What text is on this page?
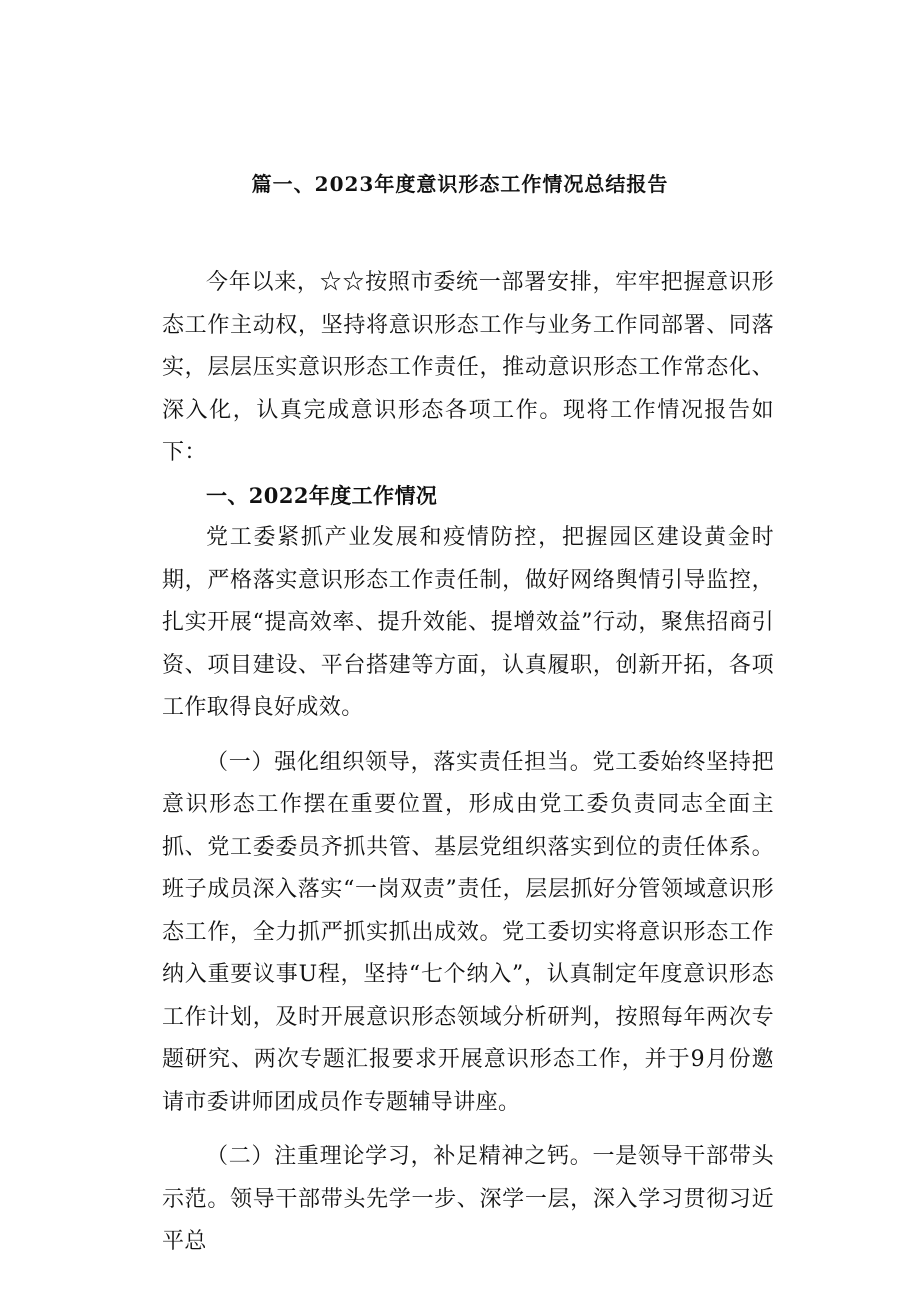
篇一、2023年度意识形态工作情况总结报告

今年以来，☆☆按照市委统一部署安排，牢牢把握意识形态工作主动权，坚持将意识形态工作与业务工作同部署、同落实，层层压实意识形态工作责任，推动意识形态工作常态化、深入化，认真完成意识形态各项工作。现将工作情况报告如下：

一、2022年度工作情况

党工委紧抓产业发展和疫情防控，把握园区建设黄金时期，严格落实意识形态工作责任制，做好网络舆情引导监控，扎实开展“提高效率、提升效能、提增效益”行动，聚焦招商引资、项目建设、平台搭建等方面，认真履职，创新开拓，各项工作取得良好成效。

（一）强化组织领导，落实责任担当。党工委始终坚持把意识形态工作摆在重要位置，形成由党工委负责同志全面主抓、党工委委员齐抓共管、基层党组织落实到位的责任体系。班子成员深入落实“一岗双责”责任，层层抓好分管领域意识形态工作，全力抓严抓实抓出成效。党工委切实将意识形态工作纳入重要议事U程，坚持“七个纳入”，认真制定年度意识形态工作计划，及时开展意识形态领域分析研判，按照每年两次专题研究、两次专题汇报要求开展意识形态工作，并于9月份邀请市委讲师团成员作专题辅导讲座。

（二）注重理论学习，补足精神之钙。一是领导干部带头示范。领导干部带头先学一步、深学一层，深入学习贯彻习近平总
